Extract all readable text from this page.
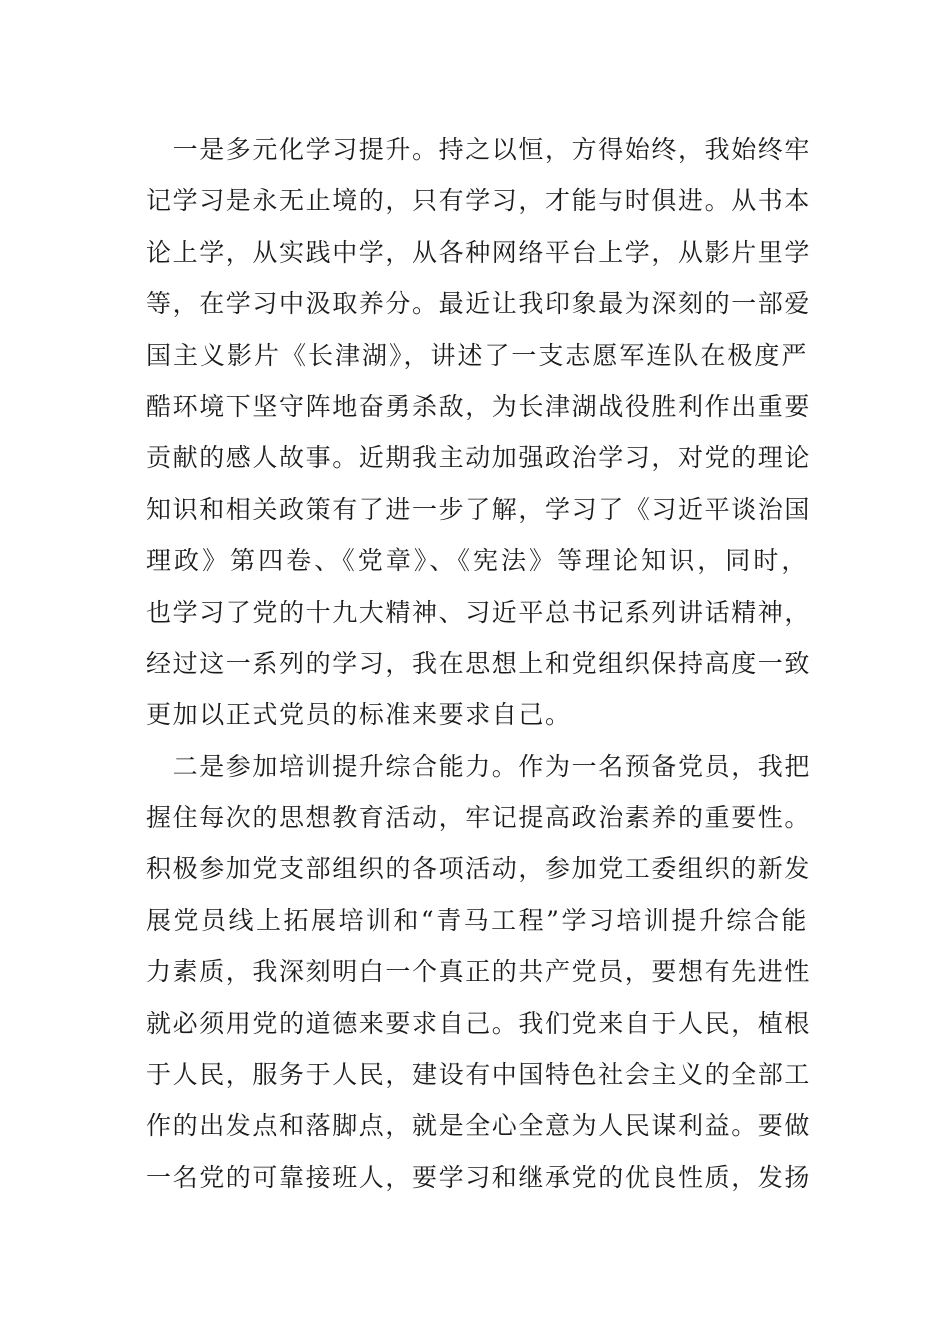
　一是多元化学习提升。持之以恒，方得始终，我始终牢
记学习是永无止境的，只有学习，才能与时俱进。从书本
论上学，从实践中学，从各种网络平台上学，从影片里学
等，在学习中汲取养分。最近让我印象最为深刻的一部爱
国主义影片《长津湖》，讲述了一支志愿军连队在极度严
酷环境下坚守阵地奋勇杀敌，为长津湖战役胜利作出重要
贡献的感人故事。近期我主动加强政治学习，对党的理论
知识和相关政策有了进一步了解，学习了《习近平谈治国
理政》第四卷、《党章》、《宪法》等理论知识，同时，
也学习了党的十九大精神、习近平总书记系列讲话精神，
经过这一系列的学习，我在思想上和党组织保持高度一致
更加以正式党员的标准来要求自己。
　二是参加培训提升综合能力。作为一名预备党员，我把
握住每次的思想教育活动，牢记提高政治素养的重要性。
积极参加党支部组织的各项活动，参加党工委组织的新发
展党员线上拓展培训和“青马工程”学习培训提升综合能
力素质，我深刻明白一个真正的共产党员，要想有先进性
就必须用党的道德来要求自己。我们党来自于人民，植根
于人民，服务于人民，建设有中国特色社会主义的全部工
作的出发点和落脚点，就是全心全意为人民谋利益。要做
一名党的可靠接班人，要学习和继承党的优良性质，发扬
